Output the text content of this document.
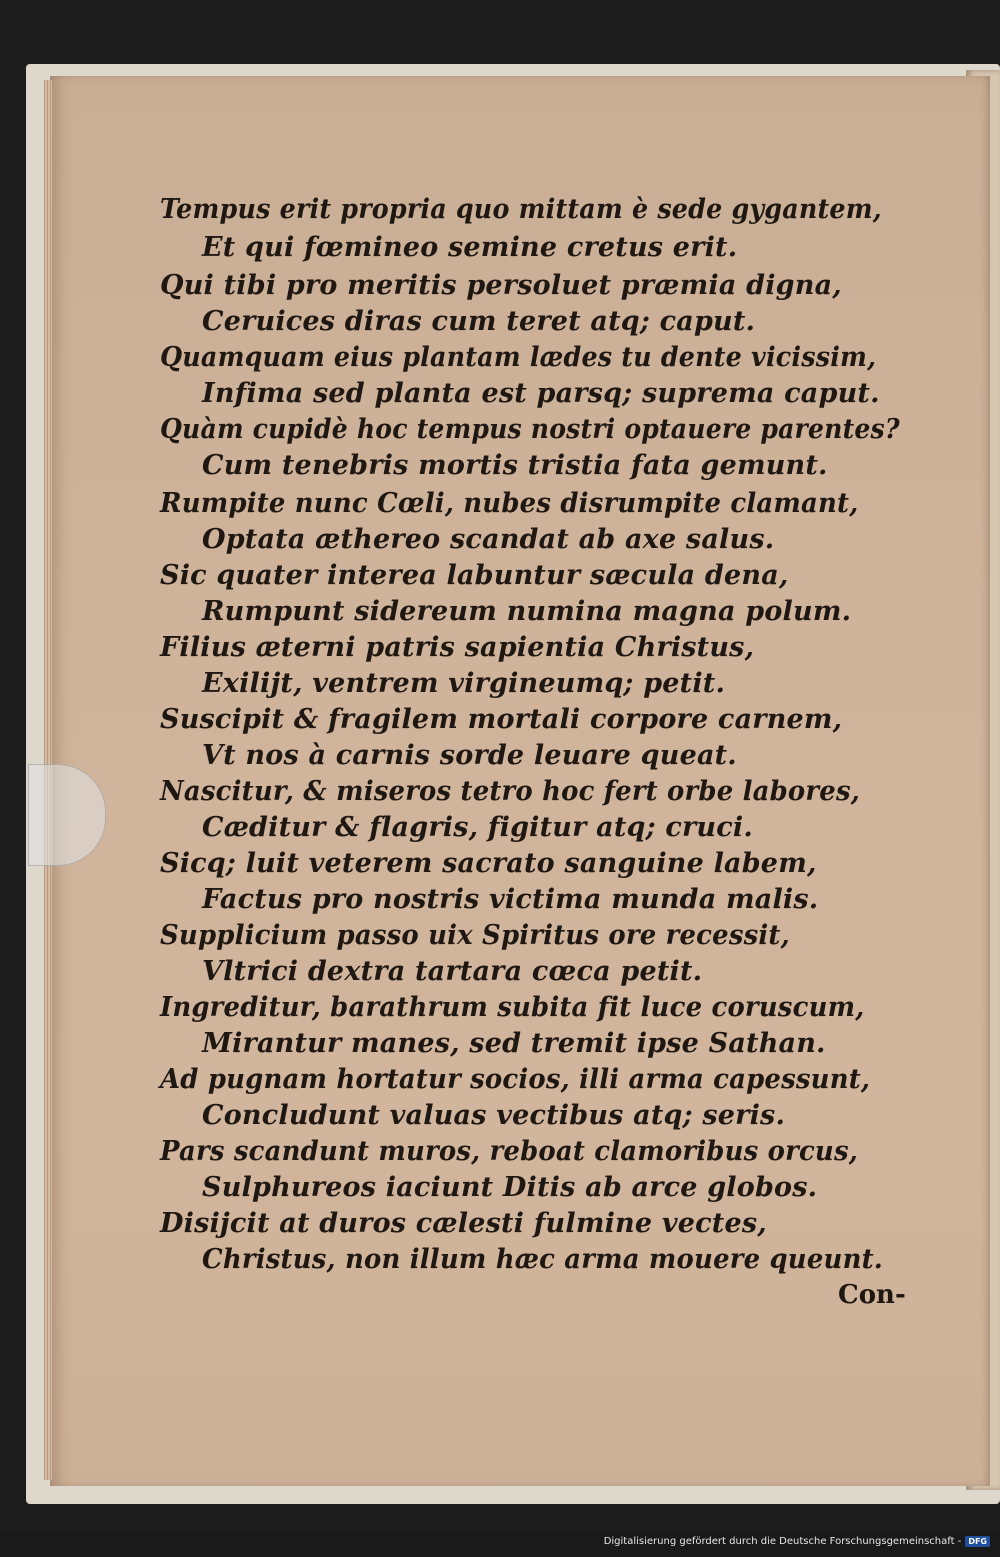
Tempus erit propria quo mittam è sede gygantem,
Et qui fœmineo semine cretus erit.
Qui tibi pro meritis persoluet præmia digna,
Ceruices diras cum teret atq; caput.
Quamquam eius plantam lædes tu dente vicissim,
Infima sed planta est parsq; suprema caput.
Quàm cupidè hoc tempus nostri optauere parentes?
Cum tenebris mortis tristia fata gemunt.
Rumpite nunc Cœli, nubes disrumpite clamant,
Optata æthereo scandat ab axe salus.
Sic quater interea labuntur sæcula dena,
Rumpunt sidereum numina magna polum.
Filius æterni patris sapientia Christus,
Exilijt, ventrem virgineumq; petit.
Suscipit & fragilem mortali corpore carnem,
Vt nos à carnis sorde leuare queat.
Nascitur, & miseros tetro hoc fert orbe labores,
Cæditur & flagris, figitur atq; cruci.
Sicq; luit veterem sacrato sanguine labem,
Factus pro nostris victima munda malis.
Supplicium passo uix Spiritus ore recessit,
Vltrici dextra tartara cœca petit.
Ingreditur, barathrum subita fit luce coruscum,
Mirantur manes, sed tremit ipse Sathan.
Ad pugnam hortatur socios, illi arma capessunt,
Concludunt valuas vectibus atq; seris.
Pars scandunt muros, reboat clamoribus orcus,
Sulphureos iaciunt Ditis ab arce globos.
Disijcit at duros cælesti fulmine vectes,
Christus, non illum hæc arma mouere queunt.
Con-
Digitalisierung gefördert durch die Deutsche Forschungsgemeinschaft - DFG
